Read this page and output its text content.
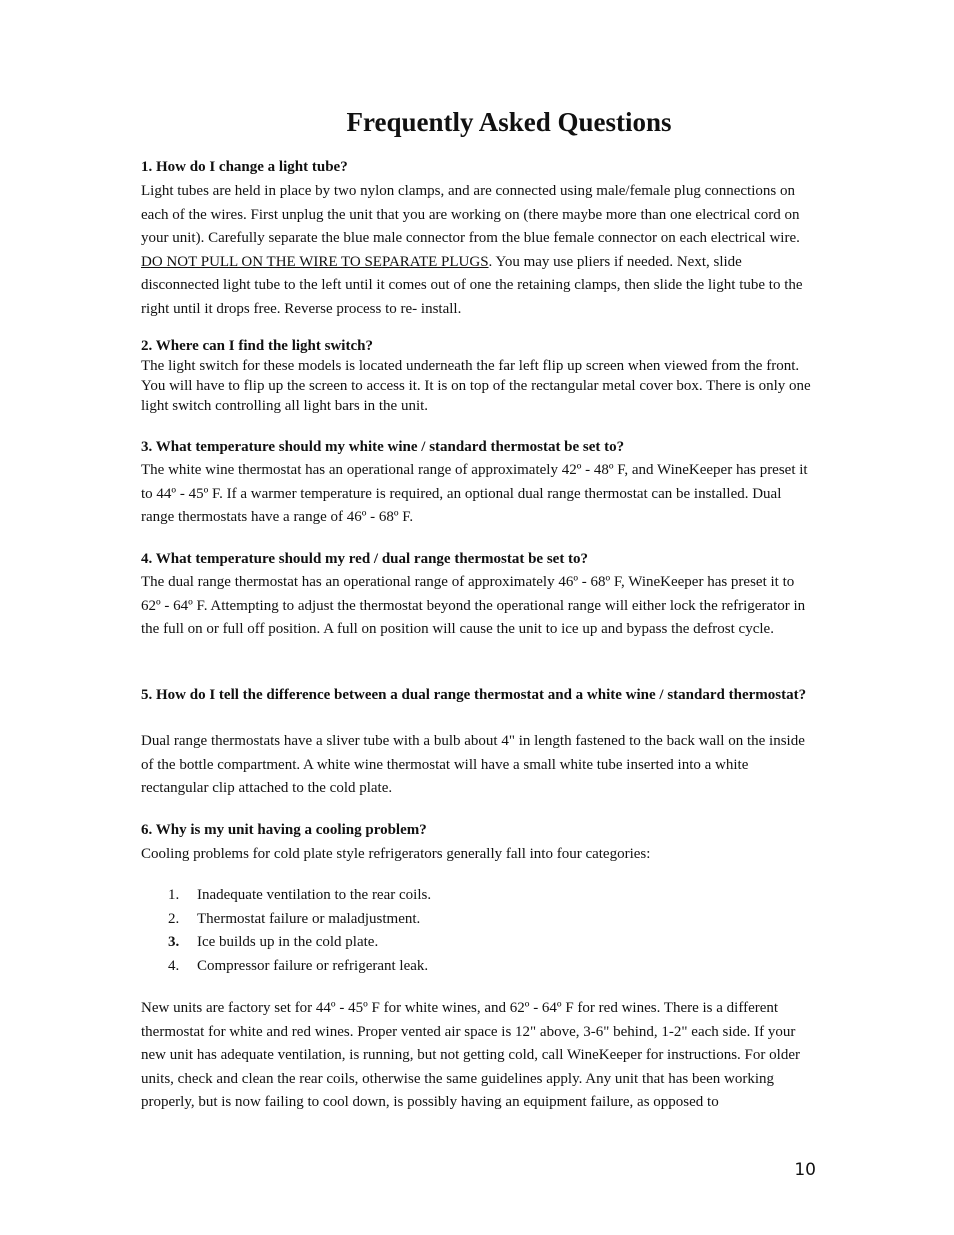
Frequently Asked Questions

1. How do I change a light tube?

Light tubes are held in place by two nylon clamps, and are connected using male/female plug connections on each of the wires. First unplug the unit that you are working on (there maybe more than one electrical cord on your unit). Carefully separate the blue male connector from the blue female connector on each electrical wire. DO NOT PULL ON THE WIRE TO SEPARATE PLUGS. You may use pliers if needed. Next, slide disconnected light tube to the left until it comes out of one the retaining clamps, then slide the light tube to the right until it drops free. Reverse process to re- install.

2. Where can I find the light switch?

The light switch for these models is located underneath the far left flip up screen when viewed from the front. You will have to flip up the screen to access it. It is on top of the rectangular metal cover box. There is only one light switch controlling all light bars in the unit.

3. What temperature should my white wine / standard thermostat be set to?

The white wine thermostat has an operational range of approximately 42º - 48º F, and WineKeeper has preset it to 44º - 45º F. If a warmer temperature is required, an optional dual range thermostat can be installed. Dual range thermostats have a range of 46º - 68º F.

4. What temperature should my red / dual range thermostat be set to?

The dual range thermostat has an operational range of approximately 46º - 68º F, WineKeeper has preset it to 62º - 64º F. Attempting to adjust the thermostat beyond the operational range will either lock the refrigerator in the full on or full off position. A full on position will cause the unit to ice up and bypass the defrost cycle.

5. How do I tell the difference between a dual range thermostat and a white wine / standard thermostat?

Dual range thermostats have a sliver tube with a bulb about 4" in length fastened to the back wall on the inside of the bottle compartment. A white wine thermostat will have a small white tube inserted into a white rectangular clip attached to the cold plate.

6. Why is my unit having a cooling problem?

Cooling problems for cold plate style refrigerators generally fall into four categories:

1.	Inadequate ventilation to the rear coils.
2.	Thermostat failure or maladjustment.
3.	Ice builds up in the cold plate.
4.	Compressor failure or refrigerant leak.

New units are factory set for 44º - 45º F for white wines, and 62º - 64º F for red wines. There is a different thermostat for white and red wines. Proper vented air space is 12" above, 3-6" behind, 1-2" each side. If your new unit has adequate ventilation, is running, but not getting cold, call WineKeeper for instructions. For older units, check and clean the rear coils, otherwise the same guidelines apply. Any unit that has been working properly, but is now failing to cool down, is possibly having an equipment failure, as opposed to

10
